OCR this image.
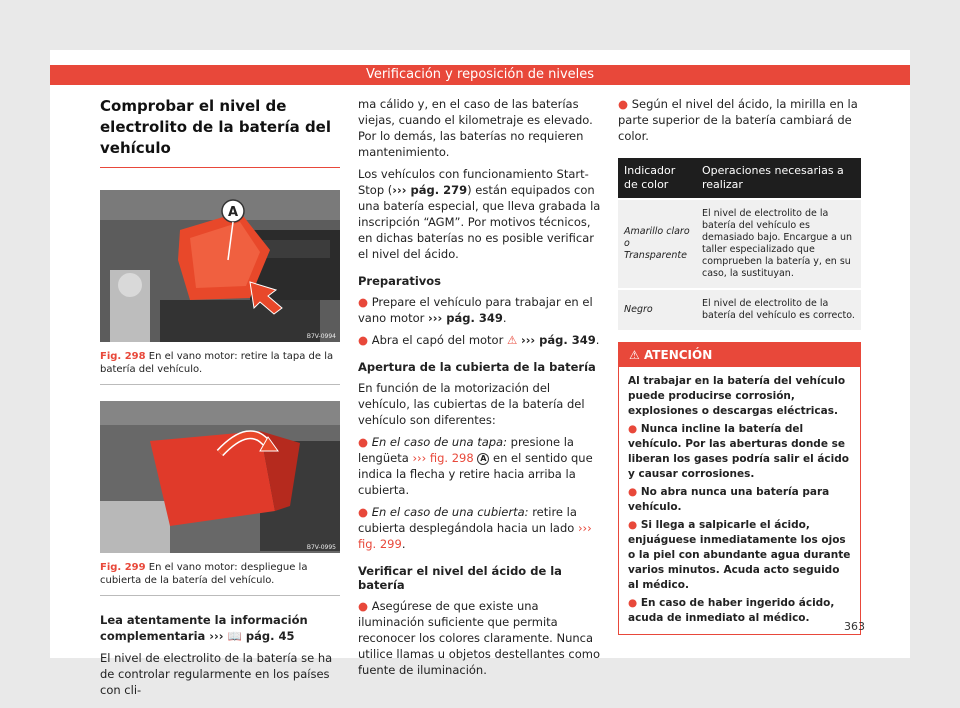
Verificación y reposición de niveles
Comprobar el nivel de electrolito de la batería del vehículo
A
B7V-0994
Fig. 298 En el vano motor: retire la tapa de la batería del vehículo.
B7V-0995
Fig. 299 En el vano motor: despliegue la cubierta de la batería del vehículo.

Lea atentamente la información complementaria ››› 📖 pág. 45

El nivel de electrolito de la batería se ha de controlar regularmente en los países con cli-

ma cálido y, en el caso de las baterías viejas, cuando el kilometraje es elevado. Por lo demás, las baterías no requieren mantenimiento.

Los vehículos con funcionamiento Start-Stop (››› pág. 279) están equipados con una batería especial, que lleva grabada la inscripción “AGM”. Por motivos técnicos, en dichas baterías no es posible verificar el nivel del ácido.

Preparativos

● Prepare el vehículo para trabajar en el vano motor ››› pág. 349.

● Abra el capó del motor ⚠ ››› pág. 349.

Apertura de la cubierta de la batería

En función de la motorización del vehículo, las cubiertas de la batería del vehículo son diferentes:

● En el caso de una tapa: presione la lengüeta ››› fig. 298 A en el sentido que indica la flecha y retire hacia arriba la cubierta.

● En el caso de una cubierta: retire la cubierta desplegándola hacia un lado ››› fig. 299.

Verificar el nivel del ácido de la batería

● Asegúrese de que existe una iluminación suficiente que permita reconocer los colores claramente. Nunca utilice llamas u objetos destellantes como fuente de iluminación.

● Según el nivel del ácido, la mirilla en la parte superior de la batería cambiará de color.

Indicador de color	Operaciones necesarias a realizar
Amarillo claro o Transparente	El nivel de electrolito de la batería del vehículo es demasiado bajo. Encargue a un taller especializado que comprueben la batería y, en su caso, la sustituyan.
Negro	El nivel de electrolito de la batería del vehículo es correcto.
⚠ ATENCIÓN
Al trabajar en la batería del vehículo puede producirse corrosión, explosiones o descargas eléctricas.
● Nunca incline la batería del vehículo. Por las aberturas donde se liberan los gases podría salir el ácido y causar corrosiones.
● No abra nunca una batería para vehículo.
● Si llega a salpicarle el ácido, enjuáguese inmediatamente los ojos o la piel con abundante agua durante varios minutos. Acuda acto seguido al médico.
● En caso de haber ingerido ácido, acuda de inmediato al médico.
363
